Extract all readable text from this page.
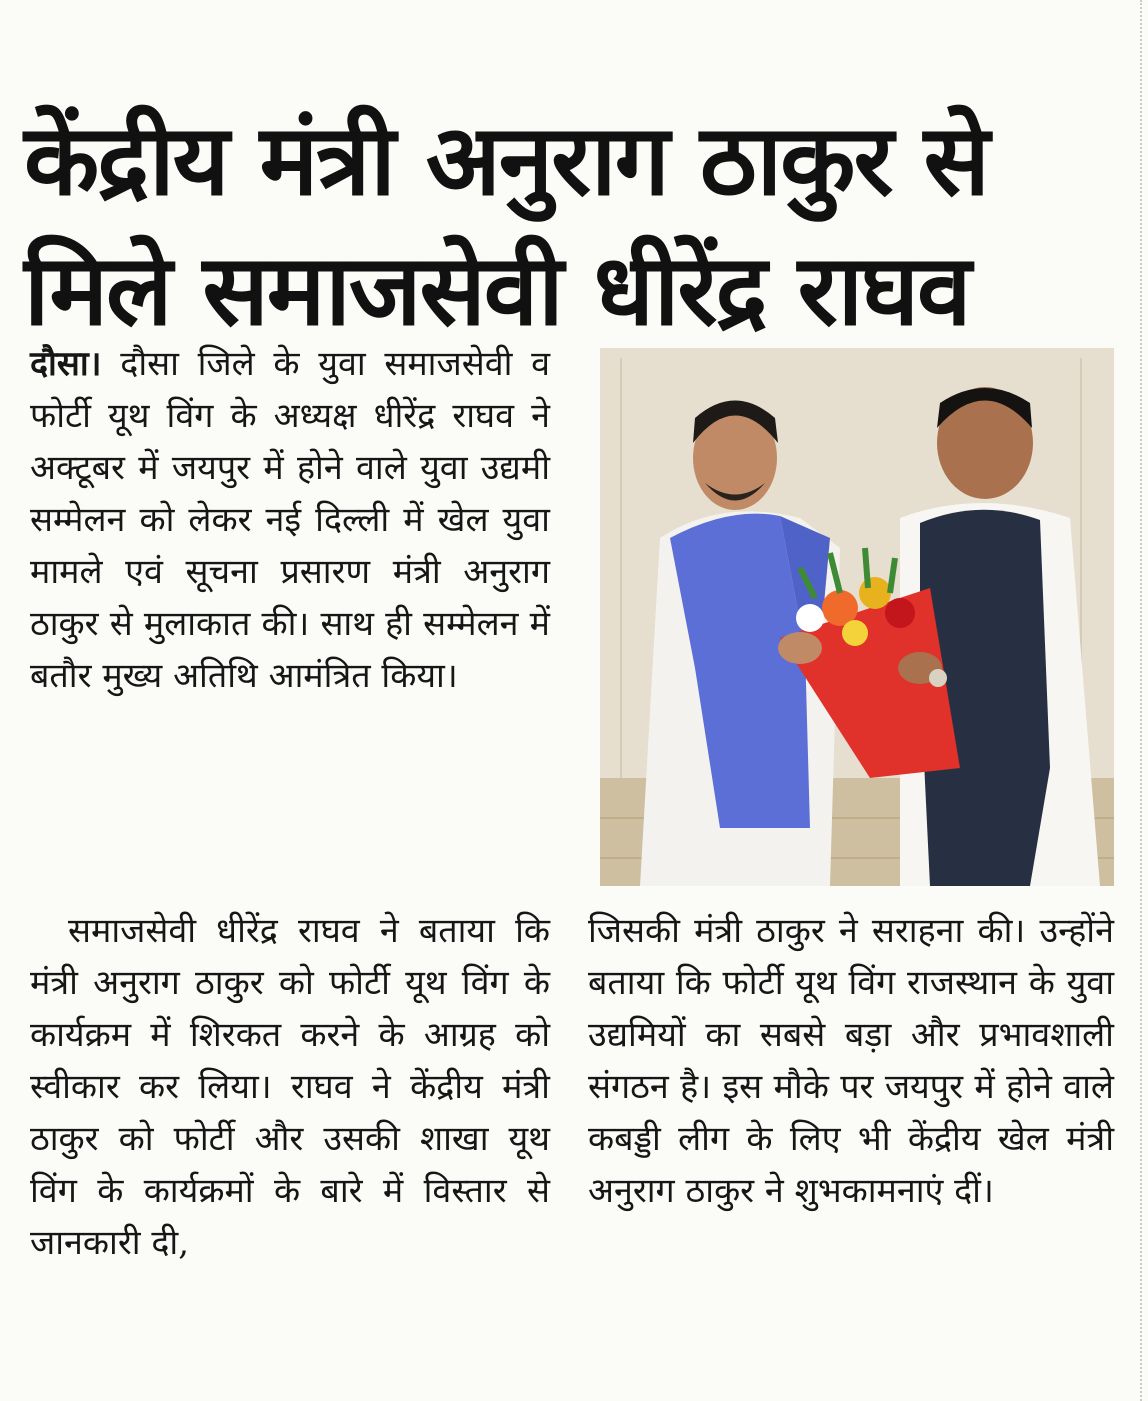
केंद्रीय मंत्री अनुराग ठाकुर से
मिले समाजसेवी धीरेंद्र राघव

दौसा। दौसा जिले के युवा समाजसेवी व फोर्टी यूथ विंग के अध्यक्ष धीरेंद्र राघव ने अक्टूबर में जयपुर में होने वाले युवा उद्यमी सम्मेलन को लेकर नई दिल्ली में खेल युवा मामले एवं सूचना प्रसारण मंत्री अनुराग ठाकुर से मुलाकात की। साथ ही सम्मेलन में बतौर मुख्य अतिथि आमंत्रित किया।

समाजसेवी धीरेंद्र राघव ने बताया कि मंत्री अनुराग ठाकुर को फोर्टी यूथ विंग के कार्यक्रम में शिरकत करने के आग्रह को स्वीकार कर लिया। राघव ने केंद्रीय मंत्री ठाकुर को फोर्टी और उसकी शाखा यूथ विंग के कार्यक्रमों के बारे में विस्तार से जानकारी दी,

जिसकी मंत्री ठाकुर ने सराहना की। उन्होंने बताया कि फोर्टी यूथ विंग राजस्थान के युवा उद्यमियों का सबसे बड़ा और प्रभावशाली संगठन है। इस मौके पर जयपुर में होने वाले कबड्डी लीग के लिए भी केंद्रीय खेल मंत्री अनुराग ठाकुर ने शुभकामनाएं दीं।
